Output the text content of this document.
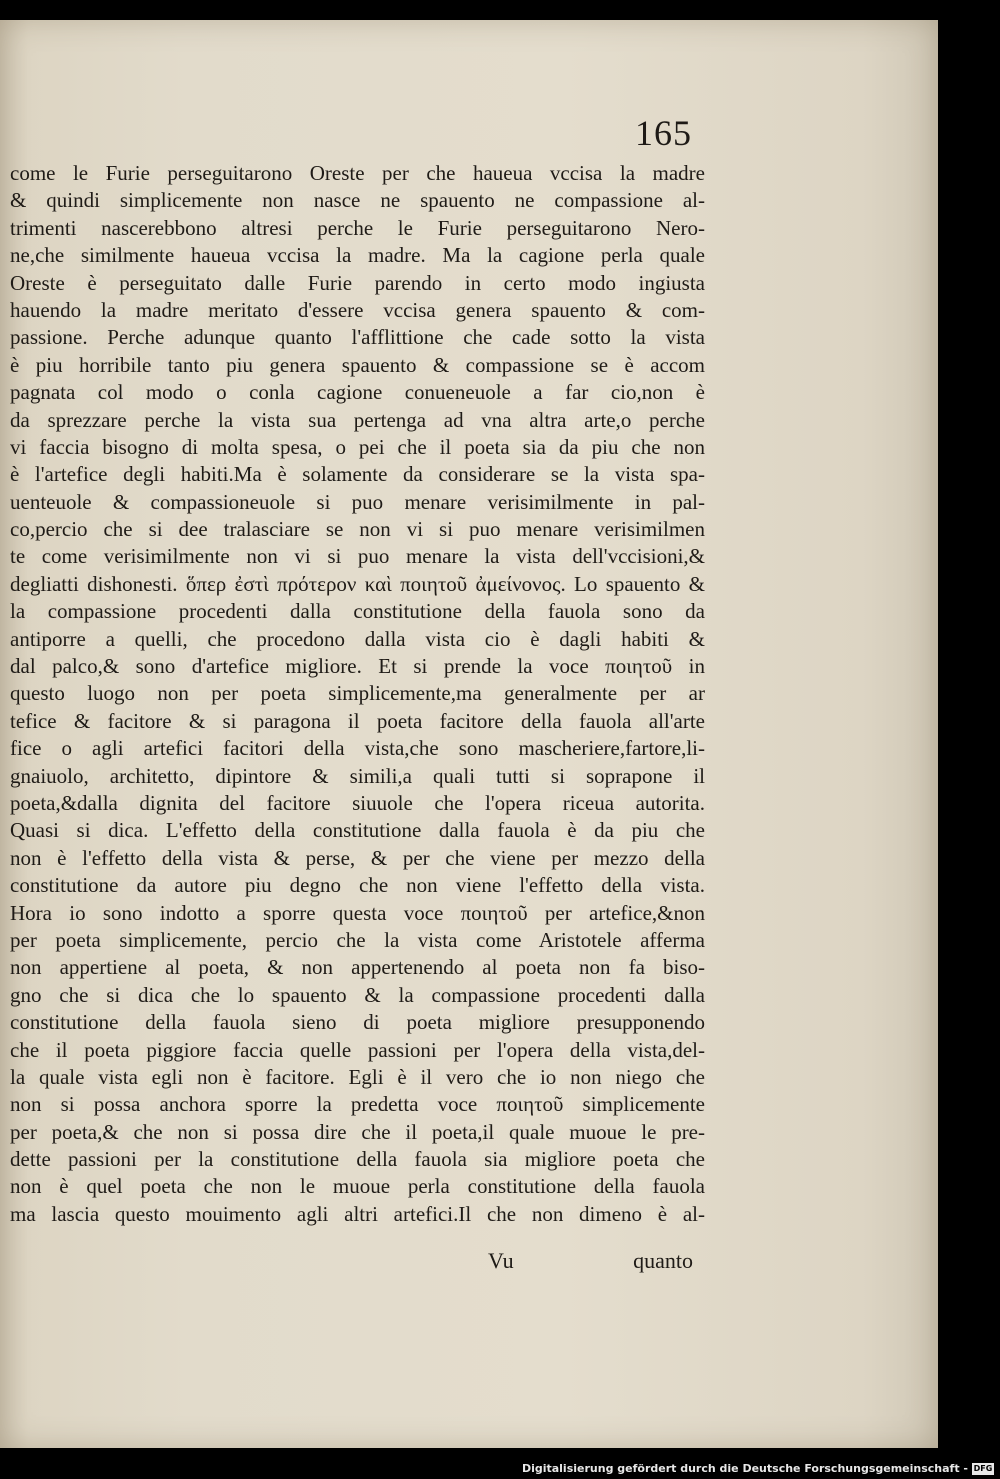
165
come le Furie perseguitarono Oreste per che haueua vccisa la madre
& quindi simplicemente non nasce ne spauento ne compassione al-
trimenti nascerebbono altresi perche le Furie perseguitarono Nero-
ne,che similmente haueua vccisa la madre. Ma la cagione perla quale
Oreste è perseguitato dalle Furie parendo in certo modo ingiusta
hauendo la madre meritato d'essere vccisa genera spauento & com-
passione. Perche adunque quanto l'afflittione che cade sotto la vista
è piu horribile tanto piu genera spauento & compassione se è accom
pagnata col modo o conla cagione conueneuole a far cio,non è
da sprezzare perche la vista sua pertenga ad vna altra arte,o perche
vi faccia bisogno di molta spesa, o pei che il poeta sia da piu che non
è l'artefice degli habiti.Ma è solamente da considerare se la vista spa-
uenteuole & compassioneuole si puo menare verisimilmente in pal-
co,percio che si dee tralasciare se non vi si puo menare verisimilmen
te come verisimilmente non vi si puo menare la vista dell'vccisioni,&
degliatti dishonesti. ὅπερ ἐστὶ πρότερον καὶ ποιητοῦ ἀμείνονος. Lo spauento &
la compassione procedenti dalla constitutione della fauola sono da
antiporre a quelli, che procedono dalla vista cio è dagli habiti &
dal palco,& sono d'artefice migliore. Et si prende la voce ποιητοῦ in
questo luogo non per poeta simplicemente,ma generalmente per ar
tefice & facitore & si paragona il poeta facitore della fauola all'arte
fice o agli artefici facitori della vista,che sono mascheriere,fartore,li-
gnaiuolo, architetto, dipintore & simili,a quali tutti si soprapone il
poeta,&dalla dignita del facitore siuuole che l'opera riceua autorita.
Quasi si dica. L'effetto della constitutione dalla fauola è da piu che
non è l'effetto della vista & perse, & per che viene per mezzo della
constitutione da autore piu degno che non viene l'effetto della vista.
Hora io sono indotto a sporre questa voce ποιητοῦ per artefice,&non
per poeta simplicemente, percio che la vista come Aristotele afferma
non appertiene al poeta, & non appertenendo al poeta non fa biso-
gno che si dica che lo spauento & la compassione procedenti dalla
constitutione della fauola sieno di poeta migliore presupponendo
che il poeta piggiore faccia quelle passioni per l'opera della vista,del-
la quale vista egli non è facitore. Egli è il vero che io non niego che
non si possa anchora sporre la predetta voce ποιητοῦ simplicemente
per poeta,& che non si possa dire che il poeta,il quale muoue le pre-
dette passioni per la constitutione della fauola sia migliore poeta che
non è quel poeta che non le muoue perla constitutione della fauola
ma lascia questo mouimento agli altri artefici.Il che non dimeno è al-
Vu	quanto
Digitalisierung gefördert durch die Deutsche Forschungsgemeinschaft - DFG
